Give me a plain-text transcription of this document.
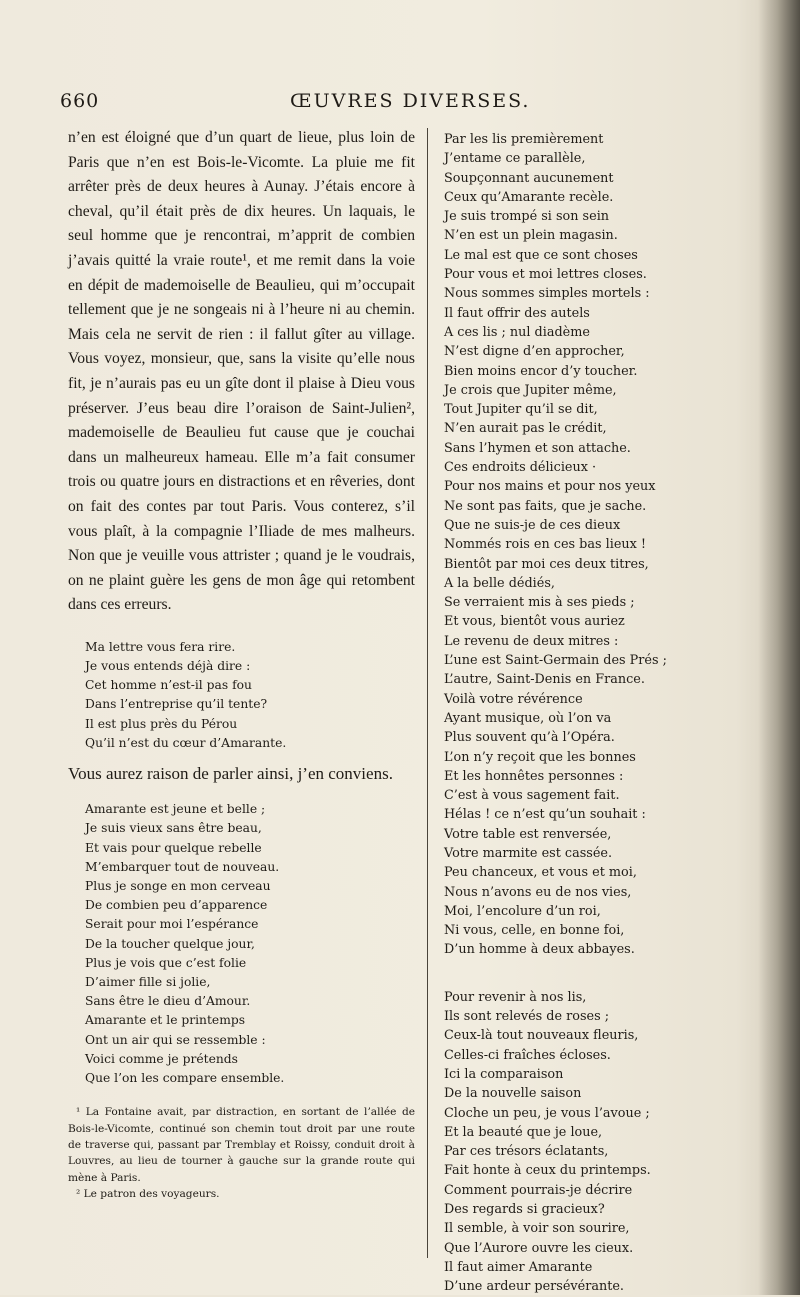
660	ŒUVRES DIVERSES.

n’en est éloigné que d’un quart de lieue, plus loin de Paris que n’en est Bois-le-Vicomte. La pluie me fit arrêter près de deux heures à Aunay. J’étais encore à cheval, qu’il était près de dix heures. Un laquais, le seul homme que je rencontrai, m’apprit de combien j’avais quitté la vraie route¹, et me remit dans la voie en dépit de mademoiselle de Beaulieu, qui m’occupait tellement que je ne songeais ni à l’heure ni au chemin. Mais cela ne servit de rien : il fallut gîter au village. Vous voyez, monsieur, que, sans la visite qu’elle nous fit, je n’aurais pas eu un gîte dont il plaise à Dieu vous préserver. J’eus beau dire l’oraison de Saint-Julien², mademoiselle de Beaulieu fut cause que je couchai dans un malheureux hameau. Elle m’a fait consumer trois ou quatre jours en distractions et en rêveries, dont on fait des contes par tout Paris. Vous conterez, s’il vous plaît, à la compagnie l’Iliade de mes malheurs. Non que je veuille vous attrister ; quand je le voudrais, on ne plaint guère les gens de mon âge qui retombent dans ces erreurs.

Ma lettre vous fera rire.
Je vous entends déjà dire :
Cet homme n’est-il pas fou
Dans l’entreprise qu’il tente?
Il est plus près du Pérou
Qu’il n’est du cœur d’Amarante.

Vous aurez raison de parler ainsi, j’en conviens.

Amarante est jeune et belle ;
Je suis vieux sans être beau,
Et vais pour quelque rebelle
M’embarquer tout de nouveau.
Plus je songe en mon cerveau
De combien peu d’apparence
Serait pour moi l’espérance
De la toucher quelque jour,
Plus je vois que c’est folie
D’aimer fille si jolie,
Sans être le dieu d’Amour.
Amarante et le printemps
Ont un air qui se ressemble :
Voici comme je prétends
Que l’on les compare ensemble.
¹ La Fontaine avait, par distraction, en sortant de l’allée de Bois-le-Vicomte, continué son chemin tout droit par une route de traverse qui, passant par Tremblay et Roissy, conduit droit à Louvres, au lieu de tourner à gauche sur la grande route qui mène à Paris.
² Le patron des voyageurs.
Par les lis premièrement
J’entame ce parallèle,
Soupçonnant aucunement
Ceux qu’Amarante recèle.
Je suis trompé si son sein
N’en est un plein magasin.
Le mal est que ce sont choses
Pour vous et moi lettres closes.
Nous sommes simples mortels :
Il faut offrir des autels
A ces lis ; nul diadème
N’est digne d’en approcher,
Bien moins encor d’y toucher.
Je crois que Jupiter même,
Tout Jupiter qu’il se dit,
N’en aurait pas le crédit,
Sans l’hymen et son attache.
Ces endroits délicieux ·
Pour nos mains et pour nos yeux
Ne sont pas faits, que je sache.
Que ne suis-je de ces dieux
Nommés rois en ces bas lieux !
Bientôt par moi ces deux titres,
A la belle dédiés,
Se verraient mis à ses pieds ;
Et vous, bientôt vous auriez
Le revenu de deux mitres :
L’une est Saint-Germain des Prés ;
L’autre, Saint-Denis en France.
Voilà votre révérence
Ayant musique, où l’on va
Plus souvent qu’à l’Opéra.
L’on n’y reçoit que les bonnes
Et les honnêtes personnes :
C’est à vous sagement fait.
Hélas ! ce n’est qu’un souhait :
Votre table est renversée,
Votre marmite est cassée.
Peu chanceux, et vous et moi,
Nous n’avons eu de nos vies,
Moi, l’encolure d’un roi,
Ni vous, celle, en bonne foi,
D’un homme à deux abbayes.
Pour revenir à nos lis,
Ils sont relevés de roses ;
Ceux-là tout nouveaux fleuris,
Celles-ci fraîches écloses.
Ici la comparaison
De la nouvelle saison
Cloche un peu, je vous l’avoue ;
Et la beauté que je loue,
Par ces trésors éclatants,
Fait honte à ceux du printemps.
Comment pourrais-je décrire
Des regards si gracieux?
Il semble, à voir son sourire,
Que l’Aurore ouvre les cieux.
Il faut aimer Amarante
D’une ardeur persévérante.
